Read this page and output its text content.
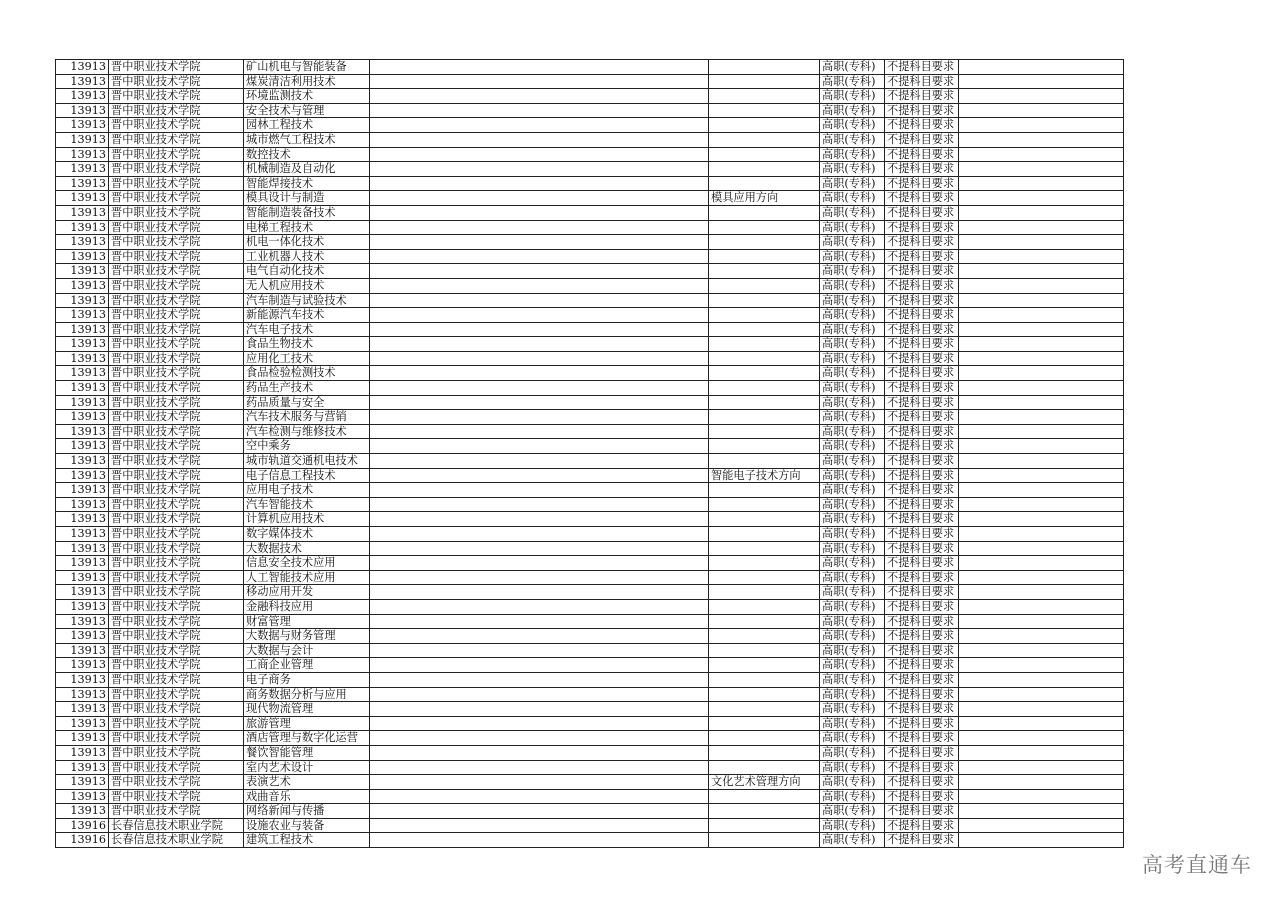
13913	晋中职业技术学院	矿山机电与智能装备			高职(专科)	不提科目要求	
13913	晋中职业技术学院	煤炭清洁利用技术			高职(专科)	不提科目要求	
13913	晋中职业技术学院	环境监测技术			高职(专科)	不提科目要求	
13913	晋中职业技术学院	安全技术与管理			高职(专科)	不提科目要求	
13913	晋中职业技术学院	园林工程技术			高职(专科)	不提科目要求	
13913	晋中职业技术学院	城市燃气工程技术			高职(专科)	不提科目要求	
13913	晋中职业技术学院	数控技术			高职(专科)	不提科目要求	
13913	晋中职业技术学院	机械制造及自动化			高职(专科)	不提科目要求	
13913	晋中职业技术学院	智能焊接技术			高职(专科)	不提科目要求	
13913	晋中职业技术学院	模具设计与制造		模具应用方向	高职(专科)	不提科目要求	
13913	晋中职业技术学院	智能制造装备技术			高职(专科)	不提科目要求	
13913	晋中职业技术学院	电梯工程技术			高职(专科)	不提科目要求	
13913	晋中职业技术学院	机电一体化技术			高职(专科)	不提科目要求	
13913	晋中职业技术学院	工业机器人技术			高职(专科)	不提科目要求	
13913	晋中职业技术学院	电气自动化技术			高职(专科)	不提科目要求	
13913	晋中职业技术学院	无人机应用技术			高职(专科)	不提科目要求	
13913	晋中职业技术学院	汽车制造与试验技术			高职(专科)	不提科目要求	
13913	晋中职业技术学院	新能源汽车技术			高职(专科)	不提科目要求	
13913	晋中职业技术学院	汽车电子技术			高职(专科)	不提科目要求	
13913	晋中职业技术学院	食品生物技术			高职(专科)	不提科目要求	
13913	晋中职业技术学院	应用化工技术			高职(专科)	不提科目要求	
13913	晋中职业技术学院	食品检验检测技术			高职(专科)	不提科目要求	
13913	晋中职业技术学院	药品生产技术			高职(专科)	不提科目要求	
13913	晋中职业技术学院	药品质量与安全			高职(专科)	不提科目要求	
13913	晋中职业技术学院	汽车技术服务与营销			高职(专科)	不提科目要求	
13913	晋中职业技术学院	汽车检测与维修技术			高职(专科)	不提科目要求	
13913	晋中职业技术学院	空中乘务			高职(专科)	不提科目要求	
13913	晋中职业技术学院	城市轨道交通机电技术			高职(专科)	不提科目要求	
13913	晋中职业技术学院	电子信息工程技术		智能电子技术方向	高职(专科)	不提科目要求	
13913	晋中职业技术学院	应用电子技术			高职(专科)	不提科目要求	
13913	晋中职业技术学院	汽车智能技术			高职(专科)	不提科目要求	
13913	晋中职业技术学院	计算机应用技术			高职(专科)	不提科目要求	
13913	晋中职业技术学院	数字媒体技术			高职(专科)	不提科目要求	
13913	晋中职业技术学院	大数据技术			高职(专科)	不提科目要求	
13913	晋中职业技术学院	信息安全技术应用			高职(专科)	不提科目要求	
13913	晋中职业技术学院	人工智能技术应用			高职(专科)	不提科目要求	
13913	晋中职业技术学院	移动应用开发			高职(专科)	不提科目要求	
13913	晋中职业技术学院	金融科技应用			高职(专科)	不提科目要求	
13913	晋中职业技术学院	财富管理			高职(专科)	不提科目要求	
13913	晋中职业技术学院	大数据与财务管理			高职(专科)	不提科目要求	
13913	晋中职业技术学院	大数据与会计			高职(专科)	不提科目要求	
13913	晋中职业技术学院	工商企业管理			高职(专科)	不提科目要求	
13913	晋中职业技术学院	电子商务			高职(专科)	不提科目要求	
13913	晋中职业技术学院	商务数据分析与应用			高职(专科)	不提科目要求	
13913	晋中职业技术学院	现代物流管理			高职(专科)	不提科目要求	
13913	晋中职业技术学院	旅游管理			高职(专科)	不提科目要求	
13913	晋中职业技术学院	酒店管理与数字化运营			高职(专科)	不提科目要求	
13913	晋中职业技术学院	餐饮智能管理			高职(专科)	不提科目要求	
13913	晋中职业技术学院	室内艺术设计			高职(专科)	不提科目要求	
13913	晋中职业技术学院	表演艺术		文化艺术管理方向	高职(专科)	不提科目要求	
13913	晋中职业技术学院	戏曲音乐			高职(专科)	不提科目要求	
13913	晋中职业技术学院	网络新闻与传播			高职(专科)	不提科目要求	
13916	长春信息技术职业学院	设施农业与装备			高职(专科)	不提科目要求	
13916	长春信息技术职业学院	建筑工程技术			高职(专科)	不提科目要求	
高考直通车
